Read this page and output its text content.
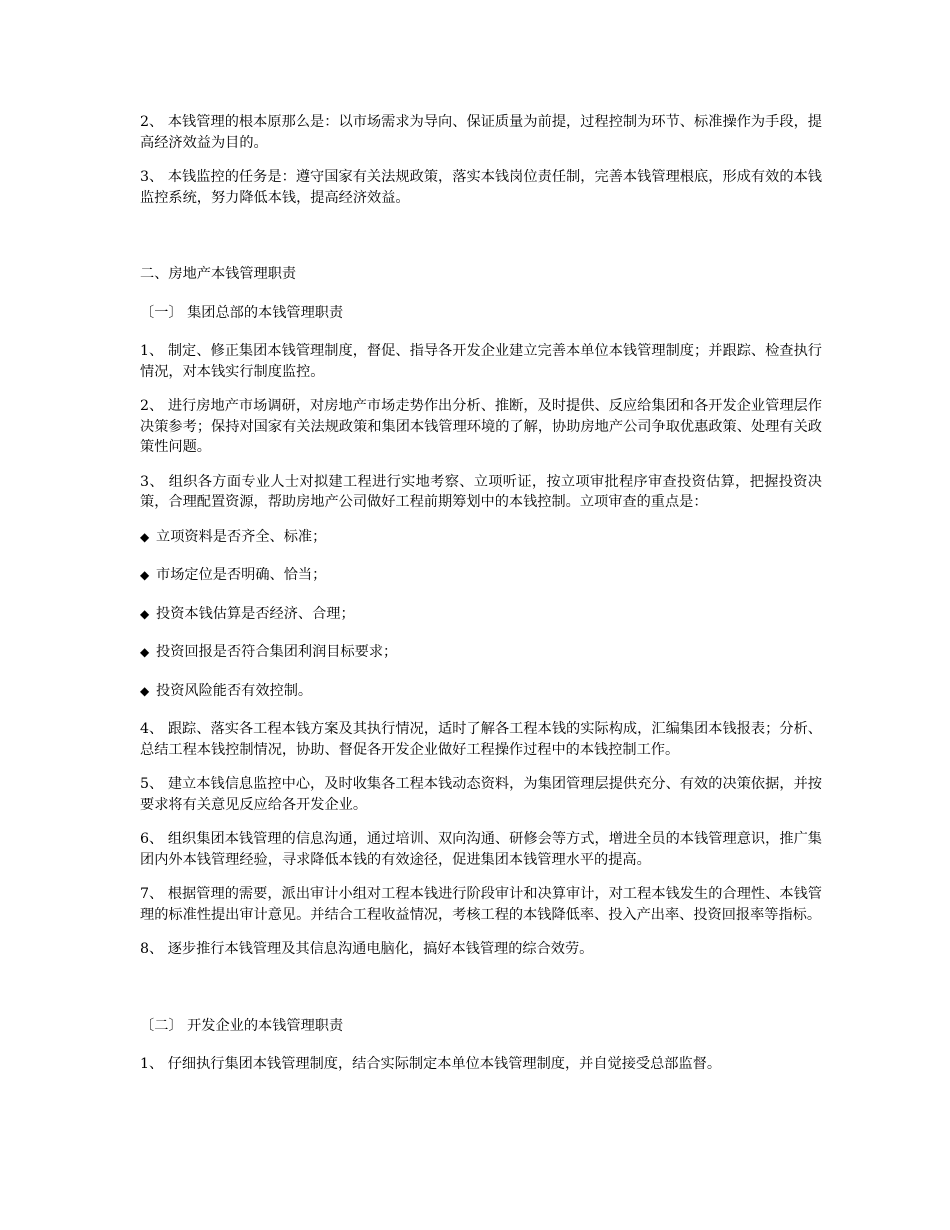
2、 本钱管理的根本原那么是：以市场需求为导向、保证质量为前提，过程控制为环节、标准操作为手段，提高经济效益为目的。

3、 本钱监控的任务是：遵守国家有关法规政策，落实本钱岗位责任制，完善本钱管理根底，形成有效的本钱监控系统，努力降低本钱，提高经济效益。

二、房地产本钱管理职责

〔一〕 集团总部的本钱管理职责

1、 制定、修正集团本钱管理制度，督促、指导各开发企业建立完善本单位本钱管理制度；并跟踪、检查执行情况，对本钱实行制度监控。

2、 进行房地产市场调研，对房地产市场走势作出分析、推断，及时提供、反应给集团和各开发企业管理层作决策参考；保持对国家有关法规政策和集团本钱管理环境的了解，协助房地产公司争取优惠政策、处理有关政策性问题。

3、 组织各方面专业人士对拟建工程进行实地考察、立项听证，按立项审批程序审查投资估算，把握投资决策，合理配置资源，帮助房地产公司做好工程前期筹划中的本钱控制。立项审查的重点是：

◆ 立项资料是否齐全、标准；

◆ 市场定位是否明确、恰当；

◆ 投资本钱估算是否经济、合理；

◆ 投资回报是否符合集团利润目标要求；

◆ 投资风险能否有效控制。

4、 跟踪、落实各工程本钱方案及其执行情况，适时了解各工程本钱的实际构成，汇编集团本钱报表；分析、总结工程本钱控制情况，协助、督促各开发企业做好工程操作过程中的本钱控制工作。

5、 建立本钱信息监控中心，及时收集各工程本钱动态资料，为集团管理层提供充分、有效的决策依据，并按要求将有关意见反应给各开发企业。

6、 组织集团本钱管理的信息沟通，通过培训、双向沟通、研修会等方式，增进全员的本钱管理意识，推广集团内外本钱管理经验，寻求降低本钱的有效途径，促进集团本钱管理水平的提高。

7、 根据管理的需要，派出审计小组对工程本钱进行阶段审计和决算审计，对工程本钱发生的合理性、本钱管理的标准性提出审计意见。并结合工程收益情况，考核工程的本钱降低率、投入产出率、投资回报率等指标。

8、 逐步推行本钱管理及其信息沟通电脑化，搞好本钱管理的综合效劳。

〔二〕 开发企业的本钱管理职责

1、 仔细执行集团本钱管理制度，结合实际制定本单位本钱管理制度，并自觉接受总部监督。
